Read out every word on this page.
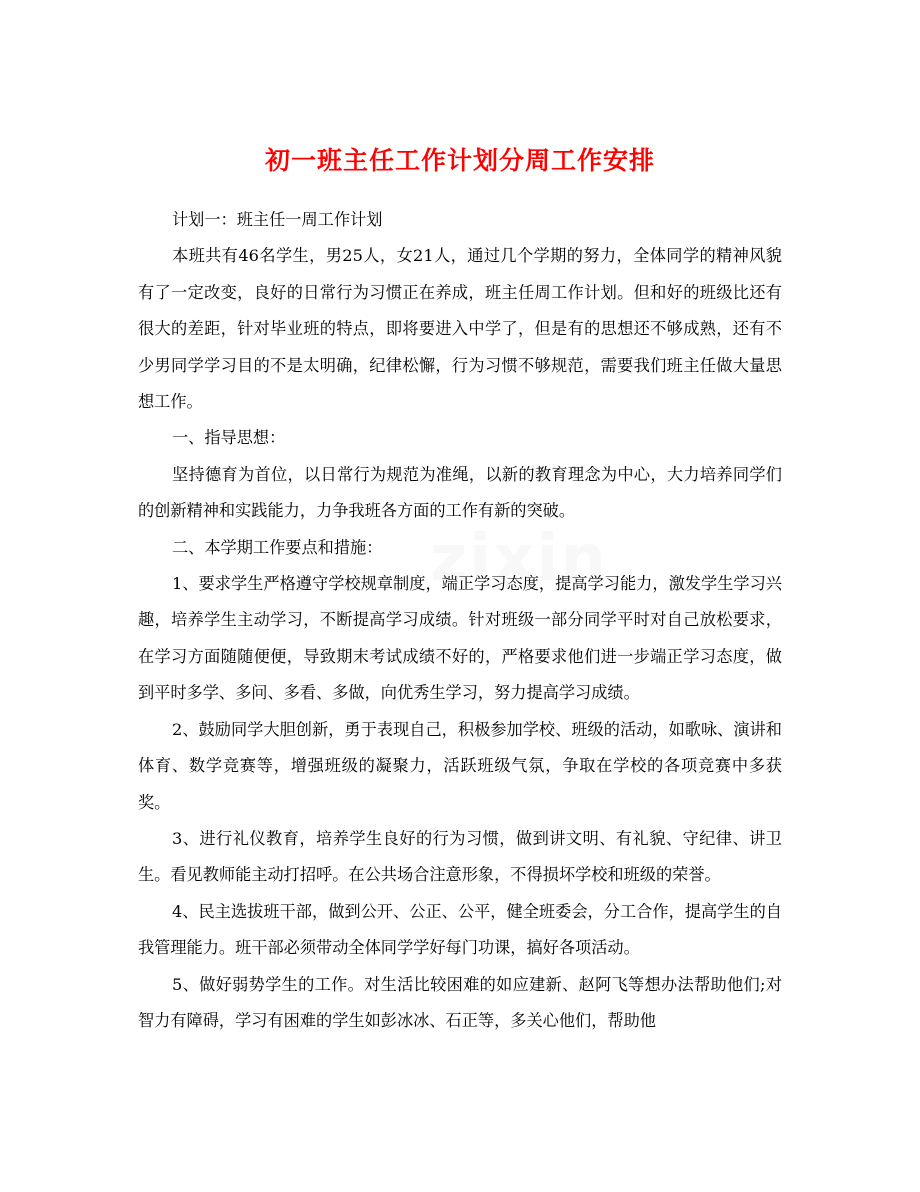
初一班主任工作计划分周工作安排

计划一：班主任一周工作计划

本班共有46名学生，男25人，女21人，通过几个学期的努力，全体同学的精神风貌有了一定改变，良好的日常行为习惯正在养成，班主任周工作计划。但和好的班级比还有很大的差距，针对毕业班的特点，即将要进入中学了，但是有的思想还不够成熟，还有不少男同学学习目的不是太明确，纪律松懈，行为习惯不够规范，需要我们班主任做大量思想工作。

一、指导思想：

坚持德育为首位，以日常行为规范为准绳，以新的教育理念为中心，大力培养同学们的创新精神和实践能力，力争我班各方面的工作有新的突破。

二、本学期工作要点和措施：

1、要求学生严格遵守学校规章制度，端正学习态度，提高学习能力，激发学生学习兴趣，培养学生主动学习，不断提高学习成绩。针对班级一部分同学平时对自己放松要求，在学习方面随随便便，导致期末考试成绩不好的，严格要求他们进一步端正学习态度，做到平时多学、多问、多看、多做，向优秀生学习，努力提高学习成绩。

2、鼓励同学大胆创新，勇于表现自己，积极参加学校、班级的活动，如歌咏、演讲和体育、数学竞赛等，增强班级的凝聚力，活跃班级气氛，争取在学校的各项竞赛中多获奖。

3、进行礼仪教育，培养学生良好的行为习惯，做到讲文明、有礼貌、守纪律、讲卫生。看见教师能主动打招呼。在公共场合注意形象，不得损坏学校和班级的荣誉。

4、民主选拔班干部，做到公开、公正、公平，健全班委会，分工合作，提高学生的自我管理能力。班干部必须带动全体同学学好每门功课，搞好各项活动。

5、做好弱势学生的工作。对生活比较困难的如应建新、赵阿飞等想办法帮助他们;对智力有障碍，学习有困难的学生如彭冰冰、石正等，多关心他们，帮助他
